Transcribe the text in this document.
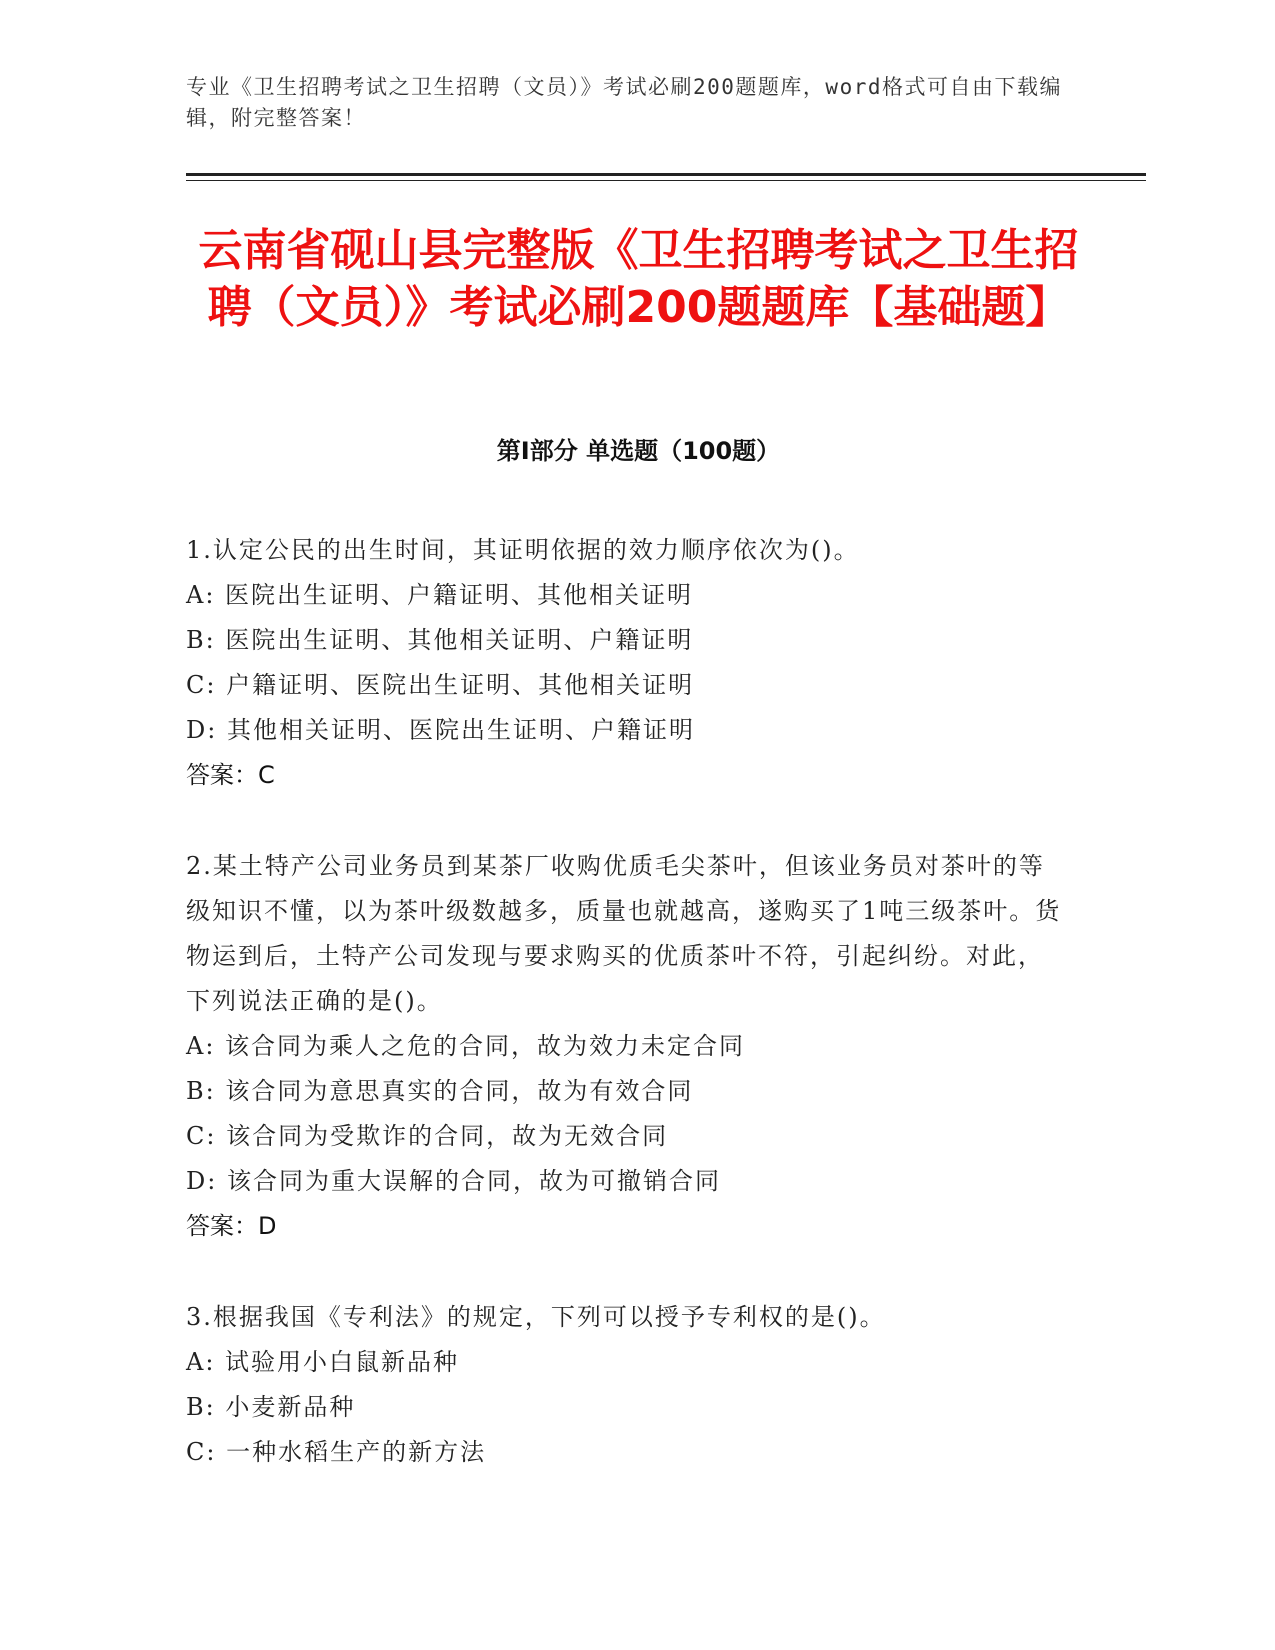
专业《卫生招聘考试之卫生招聘（文员）》考试必刷200题题库，word格式可自由下载编辑，附完整答案！
云南省砚山县完整版《卫生招聘考试之卫生招聘（文员）》考试必刷200题题库【基础题】
第Ⅰ部分 单选题（100题）
1.认定公民的出生时间，其证明依据的效力顺序依次为()。
A: 医院出生证明、户籍证明、其他相关证明
B: 医院出生证明、其他相关证明、户籍证明
C: 户籍证明、医院出生证明、其他相关证明
D: 其他相关证明、医院出生证明、户籍证明
答案：C
2.某土特产公司业务员到某茶厂收购优质毛尖茶叶，但该业务员对茶叶的等级知识不懂，以为茶叶级数越多，质量也就越高，遂购买了1吨三级茶叶。货物运到后，土特产公司发现与要求购买的优质茶叶不符，引起纠纷。对此，下列说法正确的是()。
A: 该合同为乘人之危的合同，故为效力未定合同
B: 该合同为意思真实的合同，故为有效合同
C: 该合同为受欺诈的合同，故为无效合同
D: 该合同为重大误解的合同，故为可撤销合同
答案：D
3.根据我国《专利法》的规定，下列可以授予专利权的是()。
A: 试验用小白鼠新品种
B: 小麦新品种
C: 一种水稻生产的新方法
